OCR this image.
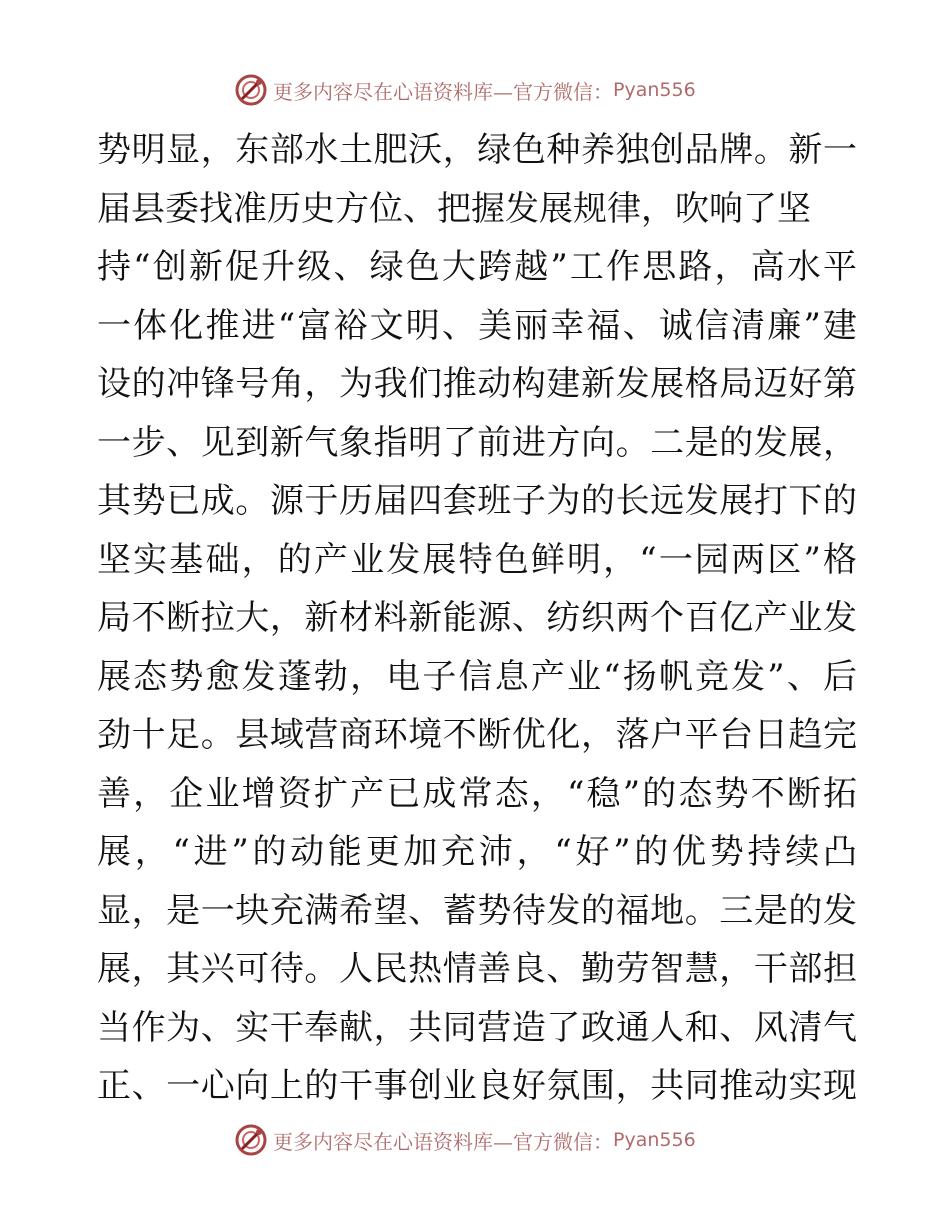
更多内容尽在心语资料库—官方微信： Pyan556
势明显，东部水土肥沃，绿色种养独创品牌。新一
届县委找准历史方位、把握发展规律，吹响了坚
持“创新促升级、绿色大跨越”工作思路，高水平
一体化推进“富裕文明、美丽幸福、诚信清廉”建
设的冲锋号角，为我们推动构建新发展格局迈好第
一步、见到新气象指明了前进方向。二是的发展，
其势已成。源于历届四套班子为的长远发展打下的
坚实基础，的产业发展特色鲜明，“一园两区”格
局不断拉大，新材料新能源、纺织两个百亿产业发
展态势愈发蓬勃，电子信息产业“扬帆竞发”、后
劲十足。县域营商环境不断优化，落户平台日趋完
善，企业增资扩产已成常态，“稳”的态势不断拓
展，“进”的动能更加充沛，“好”的优势持续凸
显，是一块充满希望、蓄势待发的福地。三是的发
展，其兴可待。人民热情善良、勤劳智慧，干部担
当作为、实干奉献，共同营造了政通人和、风清气
正、一心向上的干事创业良好氛围，共同推动实现
更多内容尽在心语资料库—官方微信： Pyan556
